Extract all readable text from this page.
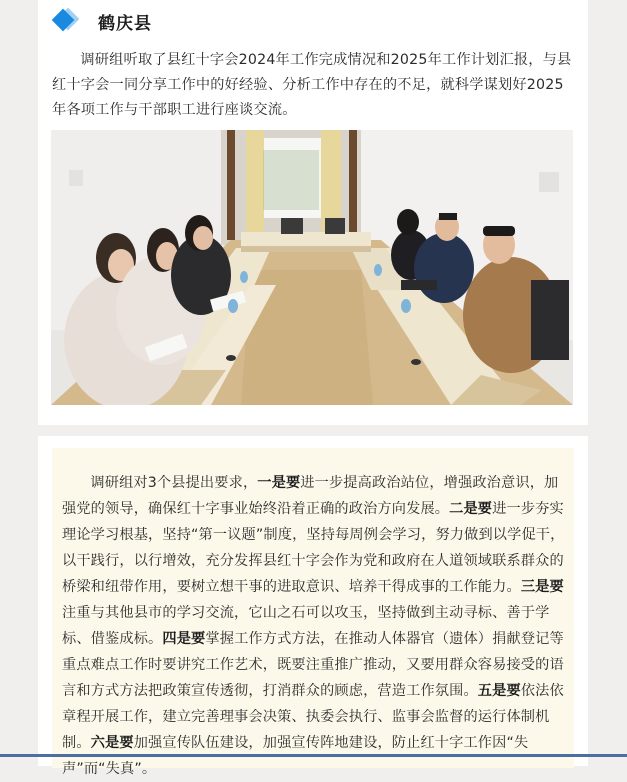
鹤庆县

调研组听取了县红十字会2024年工作完成情况和2025年工作计划汇报，与县红十字会一同分享工作中的好经验、分析工作中存在的不足，就科学谋划好2025年各项工作与干部职工进行座谈交流。

调研组对3个县提出要求，一是要进一步提高政治站位，增强政治意识，加强党的领导，确保红十字事业始终沿着正确的政治方向发展。二是要进一步夯实理论学习根基，坚持“第一议题”制度，坚持每周例会学习，努力做到以学促干，以干践行，以行增效，充分发挥县红十字会作为党和政府在人道领域联系群众的桥梁和纽带作用，要树立想干事的进取意识、培养干得成事的工作能力。三是要注重与其他县市的学习交流，它山之石可以攻玉，坚持做到主动寻标、善于学标、借鉴成标。四是要掌握工作方式方法，在推动人体器官（遗体）捐献登记等重点难点工作时要讲究工作艺术，既要注重推广推动，又要用群众容易接受的语言和方式方法把政策宣传透彻，打消群众的顾虑，营造工作氛围。五是要依法依章程开展工作，建立完善理事会决策、执委会执行、监事会监督的运行体制机制。六是要加强宣传队伍建设，加强宣传阵地建设，防止红十字工作因“失声”而“失真”。
